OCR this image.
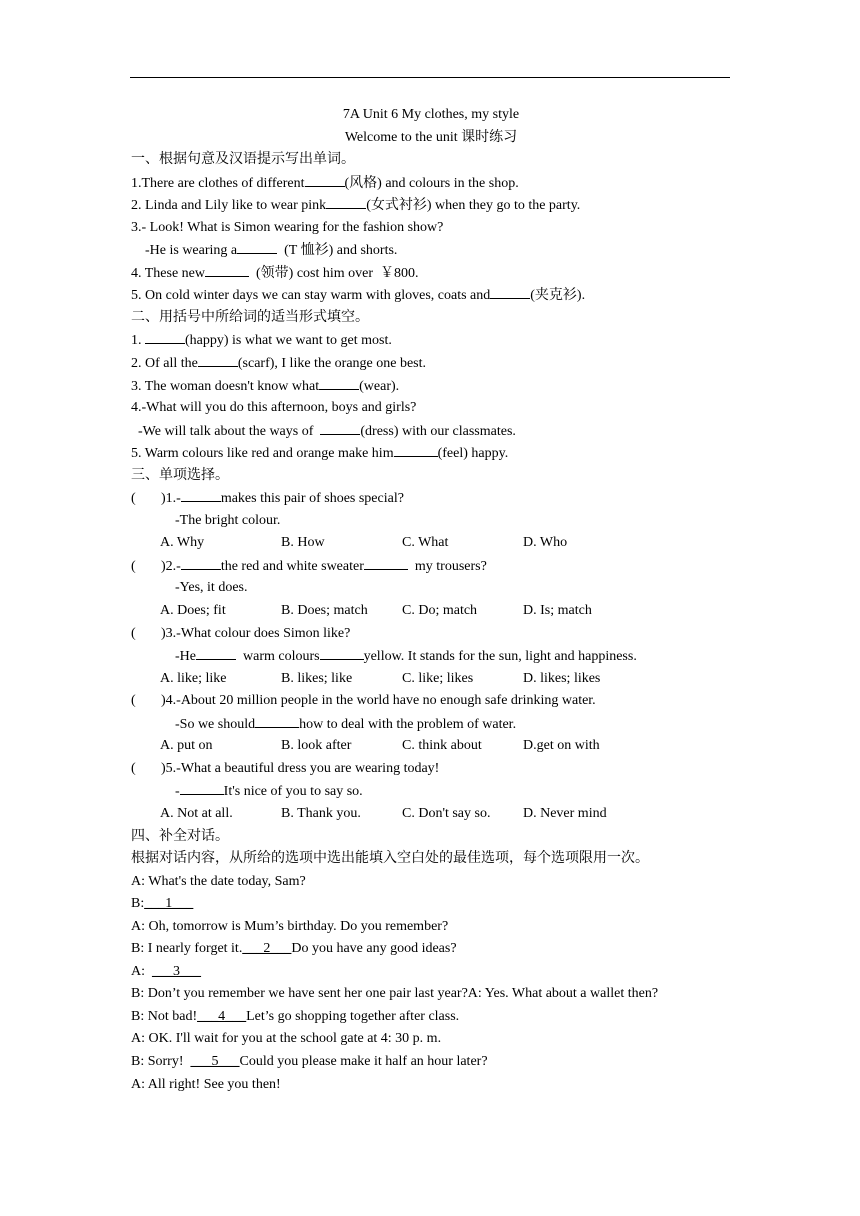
7A Unit 6 My clothes, my style
Welcome to the unit 课时练习
一、根据句意及汉语提示写出单词。
1.There are clothes of different	(风格) and colours in the shop.
2. Linda and Lily like to wear pink	(女式衬衫) when they go to the party.
3.- Look! What is Simon wearing for the fashion show?
-He is wearing a	(T 恤衫) and shorts.
4. These new	(领带) cost him over  ￥800.
5. On cold winter days we can stay warm with gloves, coats and	(夹克衫).
二、用括号中所给词的适当形式填空。
1.	(happy) is what we want to get most.
2. Of all the	(scarf), I like the orange one best.
3. The woman doesn't know what	(wear).
4.-What will you do this afternoon, boys and girls?
-We will talk about the ways of	(dress) with our classmates.
5. Warm colours like red and orange make him	(feel) happy.
三、单项选择。
( )1.-	makes this pair of shoes special?
-The bright colour.
A. Why	B. How	C. What	D. Who
( )2.-	the red and white sweater	my trousers?
-Yes, it does.
A. Does; fit	B. Does; match C. Do; match	D. Is; match
( )3.-What colour does Simon like?
-He	warm colours	yellow. It stands for the sun, light and happiness.
A. like; like	B. likes; like	C. like; likes	D. likes; likes
( )4.-About 20 million people in the world have no enough safe drinking water.
-So we should	how to deal with the problem of water.
A. put on	B. look after	C. think about	D.get on with
( )5.-What a beautiful dress you are wearing today!
-	It's nice of you to say so.
A. Not at all.	B. Thank you.	C. Don't say so. D. Never mind
四、补全对话。
根据对话内容，从所给的选项中选出能填入空白处的最佳选项，每个选项限用一次。
A: What's the date today, Sam?
B:___1___
A: Oh, tomorrow is Mum’s birthday. Do you remember?
B: I nearly forget it.___2___Do you have any good ideas?
A:  ___3___
B: Don’t you remember we have sent her one pair last year?A: Yes. What about a wallet then?
B: Not bad!___4___Let’s go shopping together after class.
A: OK. I'll wait for you at the school gate at 4: 30 p. m.
B: Sorry!  ___5___Could you please make it half an hour later?
A: All right! See you then!
